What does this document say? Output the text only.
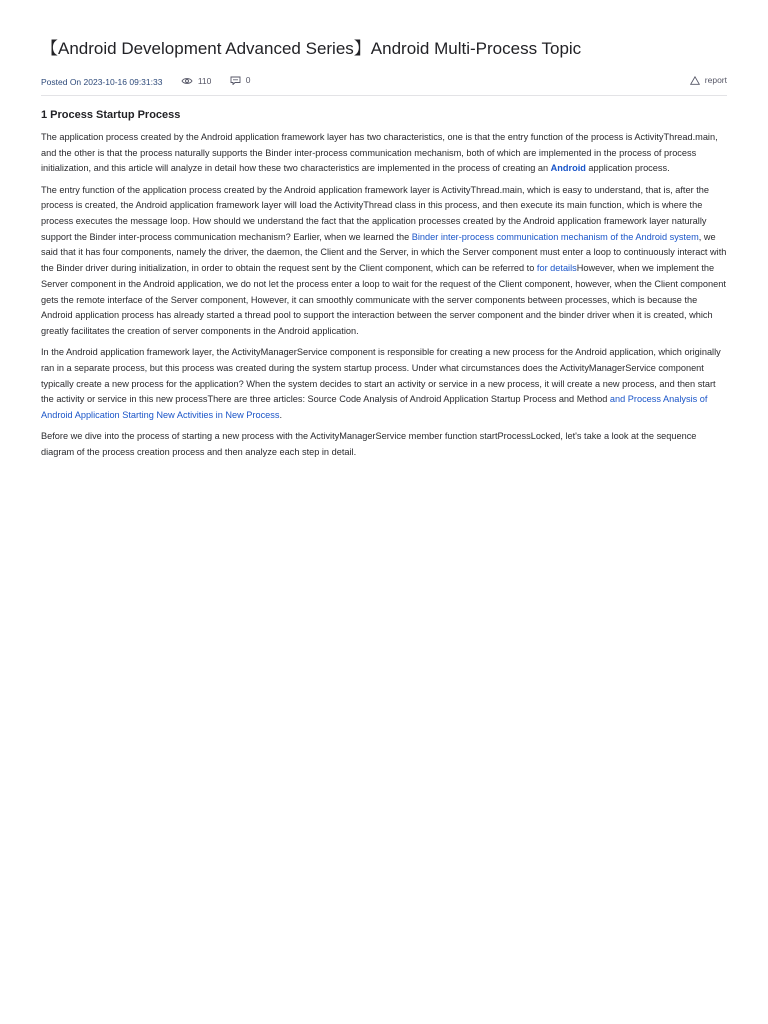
【Android Development Advanced Series】Android Multi-Process Topic
Posted On 2023-10-16 09:31:33	110
	0	report
1 Process Startup Process

The application process created by the Android application framework layer has two characteristics, one is that the entry function of the process is ActivityThread.main, and the other is that the process naturally supports the Binder inter-process communication mechanism, both of which are implemented in the process of process initialization, and this article will analyze in detail how these two characteristics are implemented in the process of creating an Android application process.

The entry function of the application process created by the Android application framework layer is ActivityThread.main, which is easy to understand, that is, after the process is created, the Android application framework layer will load the ActivityThread class in this process, and then execute its main function, which is where the process executes the message loop. How should we understand the fact that the application processes created by the Android application framework layer naturally support the Binder inter-process communication mechanism? Earlier, when we learned the Binder inter-process communication mechanism of the Android system, we said that it has four components, namely the driver, the daemon, the Client and the Server, in which the Server component must enter a loop to continuously interact with the Binder driver during initialization, in order to obtain the request sent by the Client component, which can be referred to for detailsHowever, when we implement the Server component in the Android application, we do not let the process enter a loop to wait for the request of the Client component, however, when the Client component gets the remote interface of the Server component, However, it can smoothly communicate with the server components between processes, which is because the Android application process has already started a thread pool to support the interaction between the server component and the binder driver when it is created, which greatly facilitates the creation of server components in the Android application.

In the Android application framework layer, the ActivityManagerService component is responsible for creating a new process for the Android application, which originally ran in a separate process, but this process was created during the system startup process. Under what circumstances does the ActivityManagerService component typically create a new process for the application? When the system decides to start an activity or service in a new process, it will create a new process, and then start the activity or service in this new processThere are three articles: Source Code Analysis of Android Application Startup Process and Method and Process Analysis of Android Application Starting New Activities in New Process.

Before we dive into the process of starting a new process with the ActivityManagerService member function startProcessLocked, let's take a look at the sequence diagram of the process creation process and then analyze each step in detail.
